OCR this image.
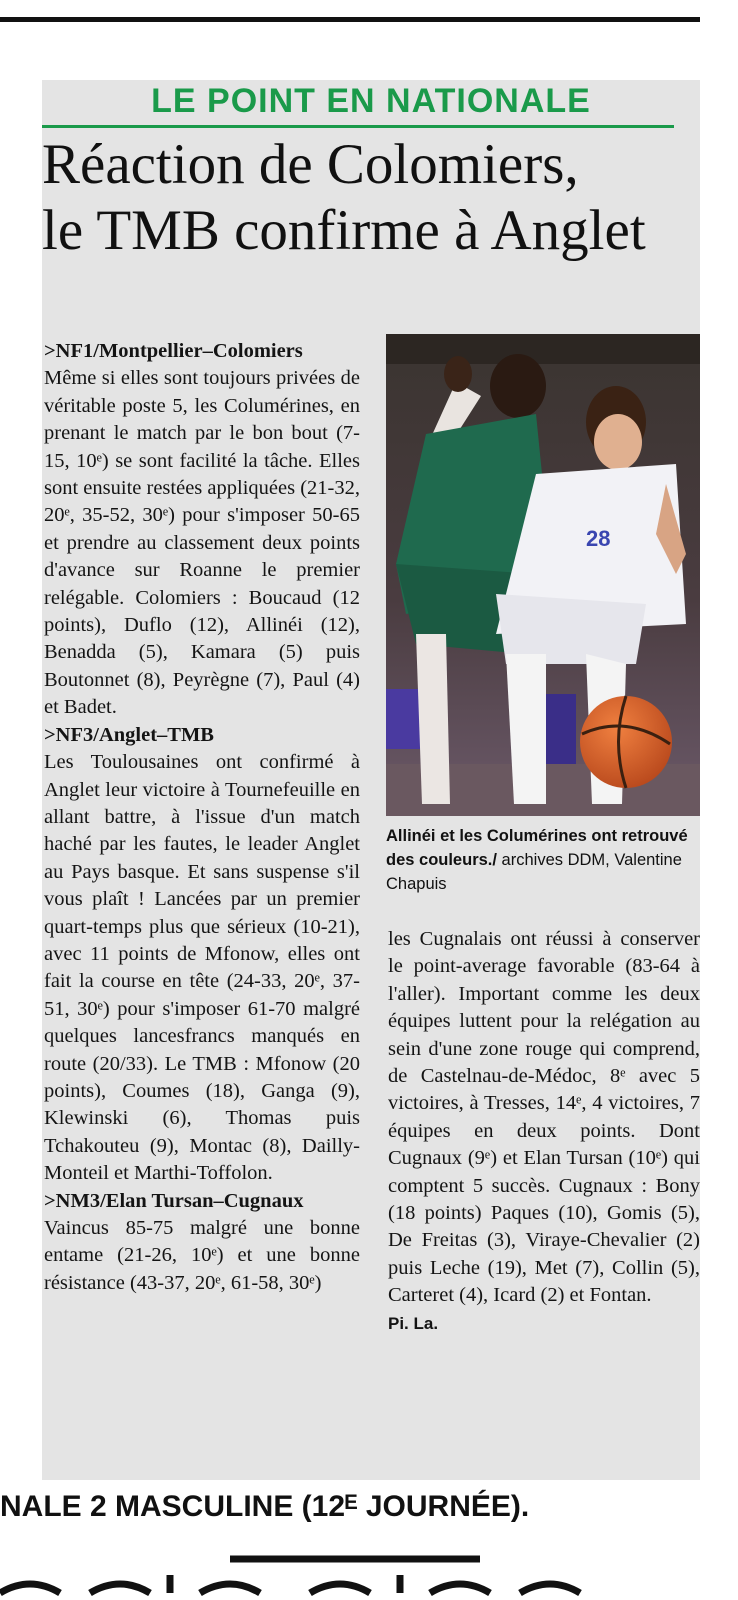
LE POINT EN NATIONALE
Réaction de Colomiers,
le TMB confirme à Anglet

>NF1/Montpellier–Colomiers
Même si elles sont toujours privées de véritable poste 5, les Columérines, en prenant le match par le bon bout (7-15, 10ᵉ) se sont facilité la tâche. Elles sont ensuite restées appliquées (21-32, 20ᵉ, 35-52, 30ᵉ) pour s'imposer 50-65 et prendre au classement deux points d'avance sur Roanne le premier relégable. Colomiers : Boucaud (12 points), Duflo (12), Allinéi (12), Benadda (5), Kamara (5) puis Boutonnet (8), Peyrègne (7), Paul (4) et Badet.

>NF3/Anglet–TMB
Les Toulousaines ont confirmé à Anglet leur victoire à Tournefeuille en allant battre, à l'issue d'un match haché par les fautes, le leader Anglet au Pays basque. Et sans suspense s'il vous plaît ! Lancées par un premier quart-temps plus que sérieux (10-21), avec 11 points de Mfonow, elles ont fait la course en tête (24-33, 20ᵉ, 37-51, 30ᵉ) pour s'imposer 61-70 malgré quelques lancesfrancs manqués en route (20/33). Le TMB : Mfonow (20 points), Coumes (18), Ganga (9), Klewinski (6), Thomas puis Tchakouteu (9), Montac (8), Dailly-Monteil et Marthi-Toffolon.

>NM3/Elan Tursan–Cugnaux
Vaincus 85-75 malgré une bonne entame (21-26, 10ᵉ) et une bonne résistance (43-37, 20ᵉ, 61-58, 30ᵉ)

28
Allinéi et les Columérines ont retrouvé des couleurs./ archives DDM, Valentine Chapuis

les Cugnalais ont réussi à conserver le point-average favorable (83-64 à l'aller). Important comme les deux équipes luttent pour la relégation au sein d'une zone rouge qui comprend, de Castelnau-de-Médoc, 8ᵉ avec 5 victoires, à Tresses, 14ᵉ, 4 victoires, 7 équipes en deux points. Dont Cugnaux (9ᵉ) et Elan Tursan (10ᵉ) qui comptent 5 succès. Cugnaux : Bony (18 points) Paques (10), Gomis (5), De Freitas (3), Viraye-Chevalier (2) puis Leche (19), Met (7), Collin (5), Carteret (4), Icard (2) et Fontan.

Pi. La.

NALE 2 MASCULINE (12ᴱ JOURNÉE).
